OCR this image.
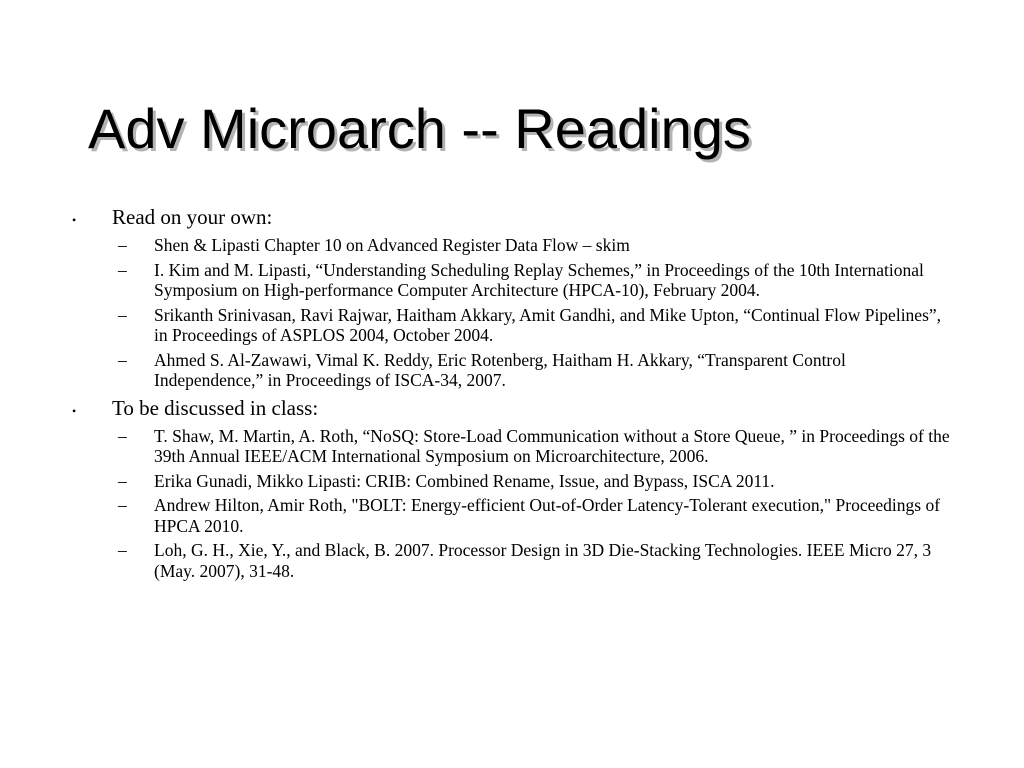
Adv Microarch -- Readings
•	Read on your own:
–	Shen & Lipasti Chapter 10 on Advanced Register Data Flow – skim
–	I. Kim and M. Lipasti, “Understanding Scheduling Replay Schemes,” in Proceedings of the 10th International Symposium on High-performance Computer Architecture (HPCA-10), February 2004.
–	Srikanth Srinivasan, Ravi Rajwar, Haitham Akkary, Amit Gandhi, and Mike Upton, “Continual Flow Pipelines”, in Proceedings of ASPLOS 2004, October 2004.
–	Ahmed S. Al-Zawawi, Vimal K. Reddy, Eric Rotenberg, Haitham H. Akkary, “Transparent Control Independence,” in Proceedings of ISCA-34, 2007.
•	To be discussed in class:
–	T. Shaw, M. Martin, A. Roth, “NoSQ: Store-Load Communication without a Store Queue, ” in Proceedings of the 39th Annual IEEE/ACM International Symposium on Microarchitecture, 2006.
–	Erika Gunadi, Mikko Lipasti: CRIB: Combined Rename, Issue, and Bypass, ISCA 2011.
–	Andrew Hilton, Amir Roth, "BOLT: Energy-efficient Out-of-Order Latency-Tolerant execution," Proceedings of HPCA 2010.
–	Loh, G. H., Xie, Y., and Black, B. 2007. Processor Design in 3D Die-Stacking Technologies. IEEE Micro 27, 3 (May. 2007), 31-48.
